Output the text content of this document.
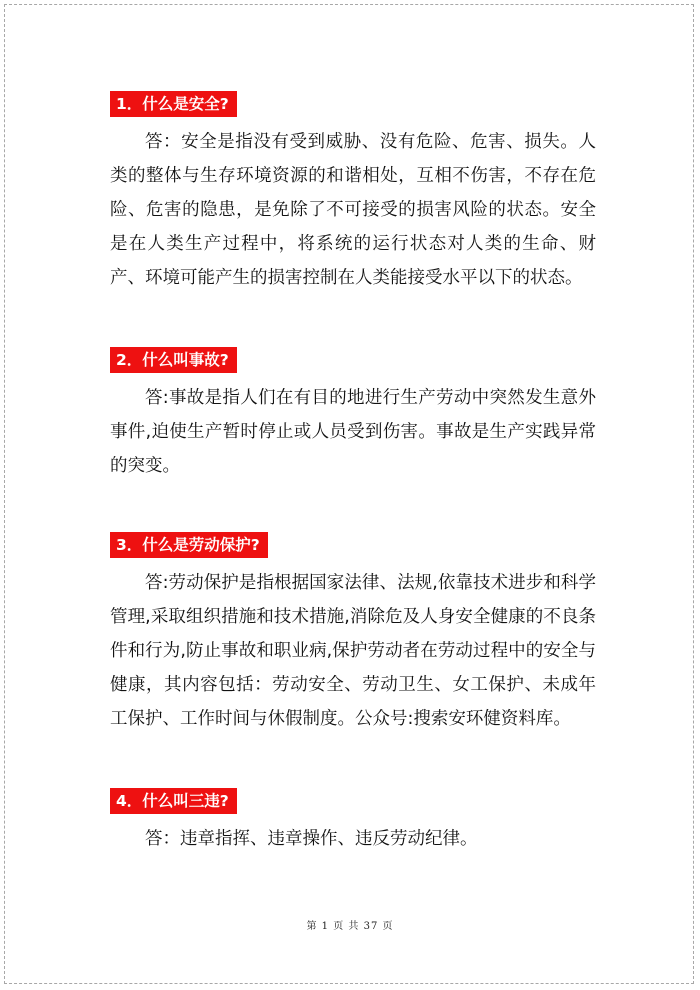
1．什么是安全?

答：安全是指没有受到威胁、没有危险、危害、损失。人类的整体与生存环境资源的和谐相处，互相不伤害，不存在危险、危害的隐患，是免除了不可接受的损害风险的状态。安全是在人类生产过程中，将系统的运行状态对人类的生命、财产、环境可能产生的损害控制在人类能接受水平以下的状态。

2．什么叫事故?

答:事故是指人们在有目的地进行生产劳动中突然发生意外事件,迫使生产暂时停止或人员受到伤害。事故是生产实践异常的突变。

3．什么是劳动保护?

答:劳动保护是指根据国家法律、法规,依靠技术进步和科学管理,采取组织措施和技术措施,消除危及人身安全健康的不良条件和行为,防止事故和职业病,保护劳动者在劳动过程中的安全与健康，其内容包括：劳动安全、劳动卫生、女工保护、未成年工保护、工作时间与休假制度。公众号:搜索安环健资料库。

4．什么叫三违?

答：违章指挥、违章操作、违反劳动纪律。

第 1 页 共 37 页
